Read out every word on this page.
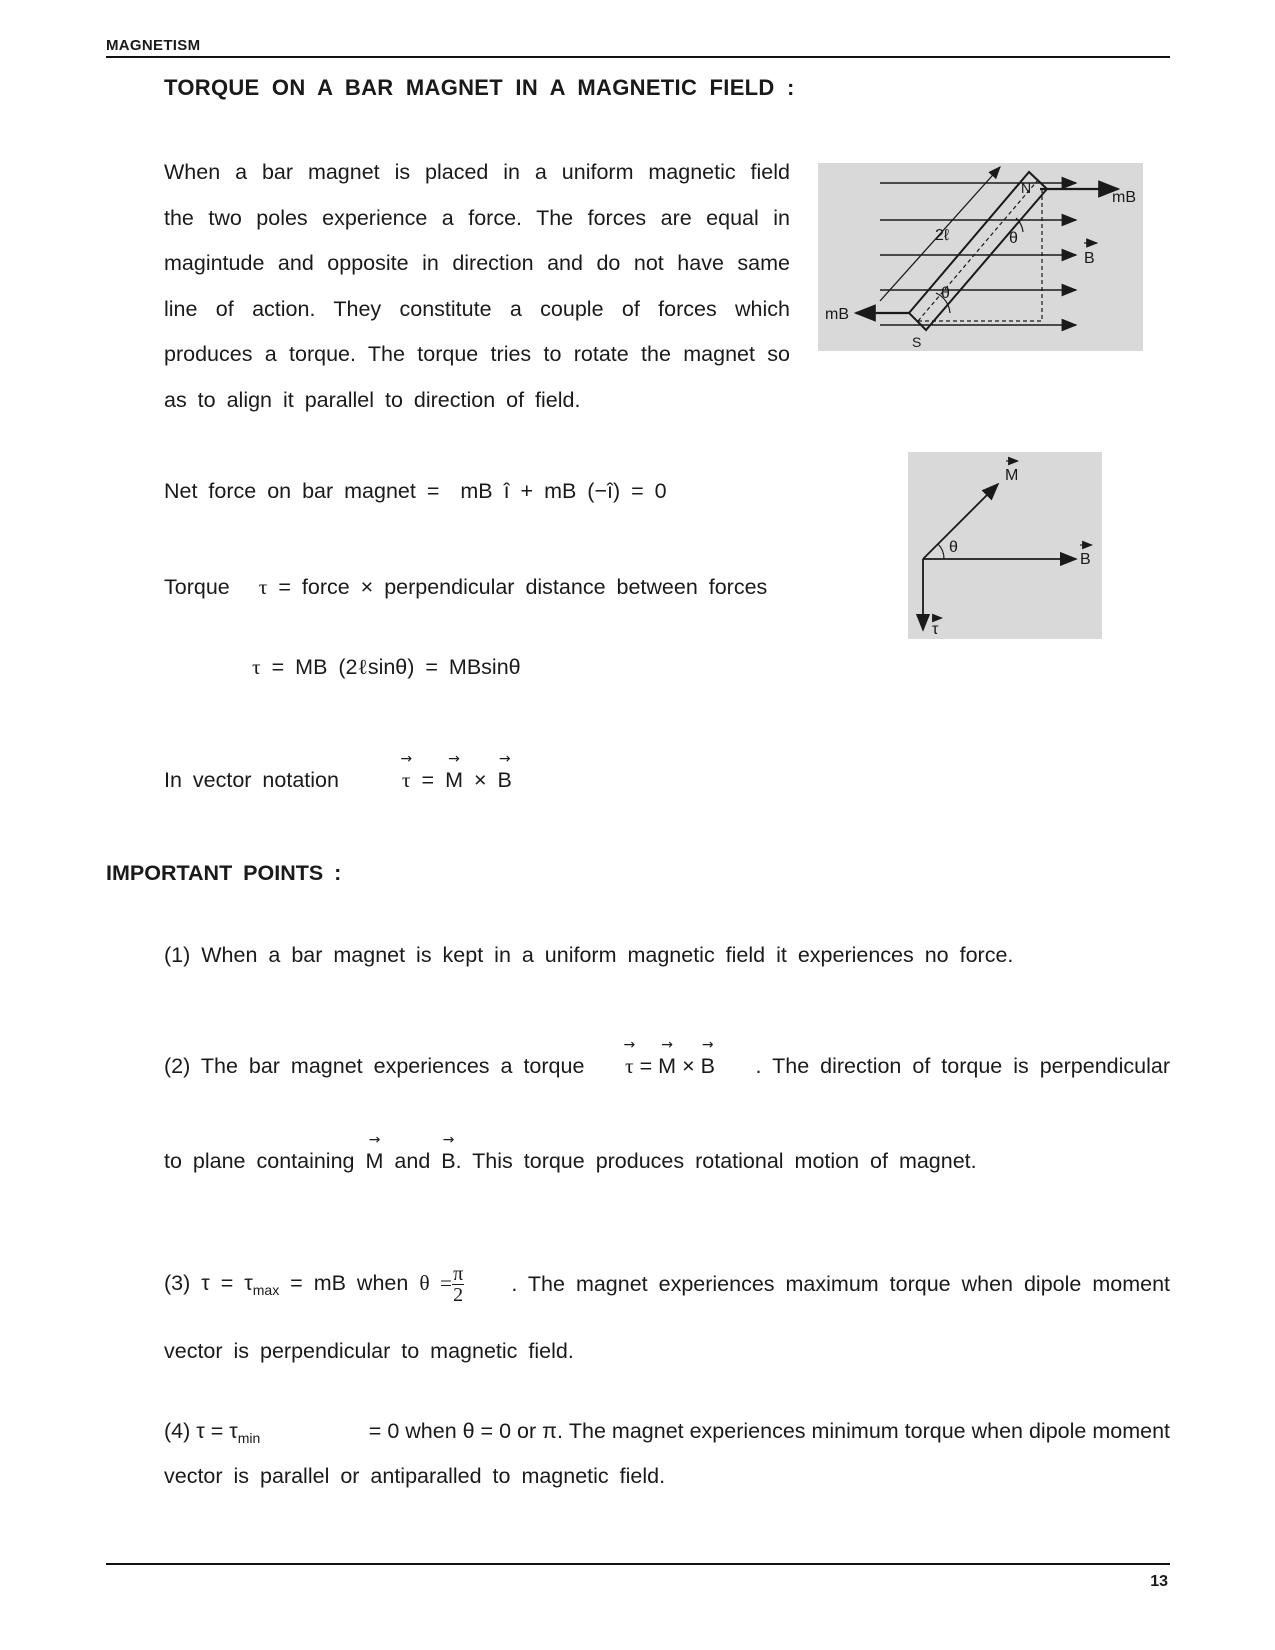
MAGNETISM
TORQUE ON A BAR MAGNET IN A MAGNETIC FIELD :
When a bar magnet is placed in a uniform magnetic field the two poles experience a force. The forces are equal in magintude and opposite in direction and do not have same line of action. They constitute a couple of forces which produces a torque. The torque tries to rotate the magnet so as to align it parallel to direction of field.
N
S
2ℓ	θ
θ
B
mB
mB
θ
M
B
τ
Net force on bar magnet = mB î + mB (−î) = 0
Torque τ = force × perpendicular distance between forces
τ = MB (2ℓsinθ) = MBsinθ
In vector notation	→ τ = → M × → B
IMPORTANT POINTS :
(1) When a bar magnet is kept in a uniform magnetic field it experiences no force.
(2) The bar magnet experiences a torque → τ = → M × → B . The direction of torque is perpendicular
to plane containing → M and → B. This torque produces rotational motion of magnet.
(3) $\tau = \tau_{max}$ = mB when $\theta = \frac{\pi}{2}$ . The magnet experiences maximum torque when dipole moment
vector is perpendicular to magnetic field.
(4) $\tau = \tau_{min}$	= 0 when θ = 0 or π. The magnet experiences minimum torque when dipole moment
vector is parallel or antiparalled to magnetic field.
13
